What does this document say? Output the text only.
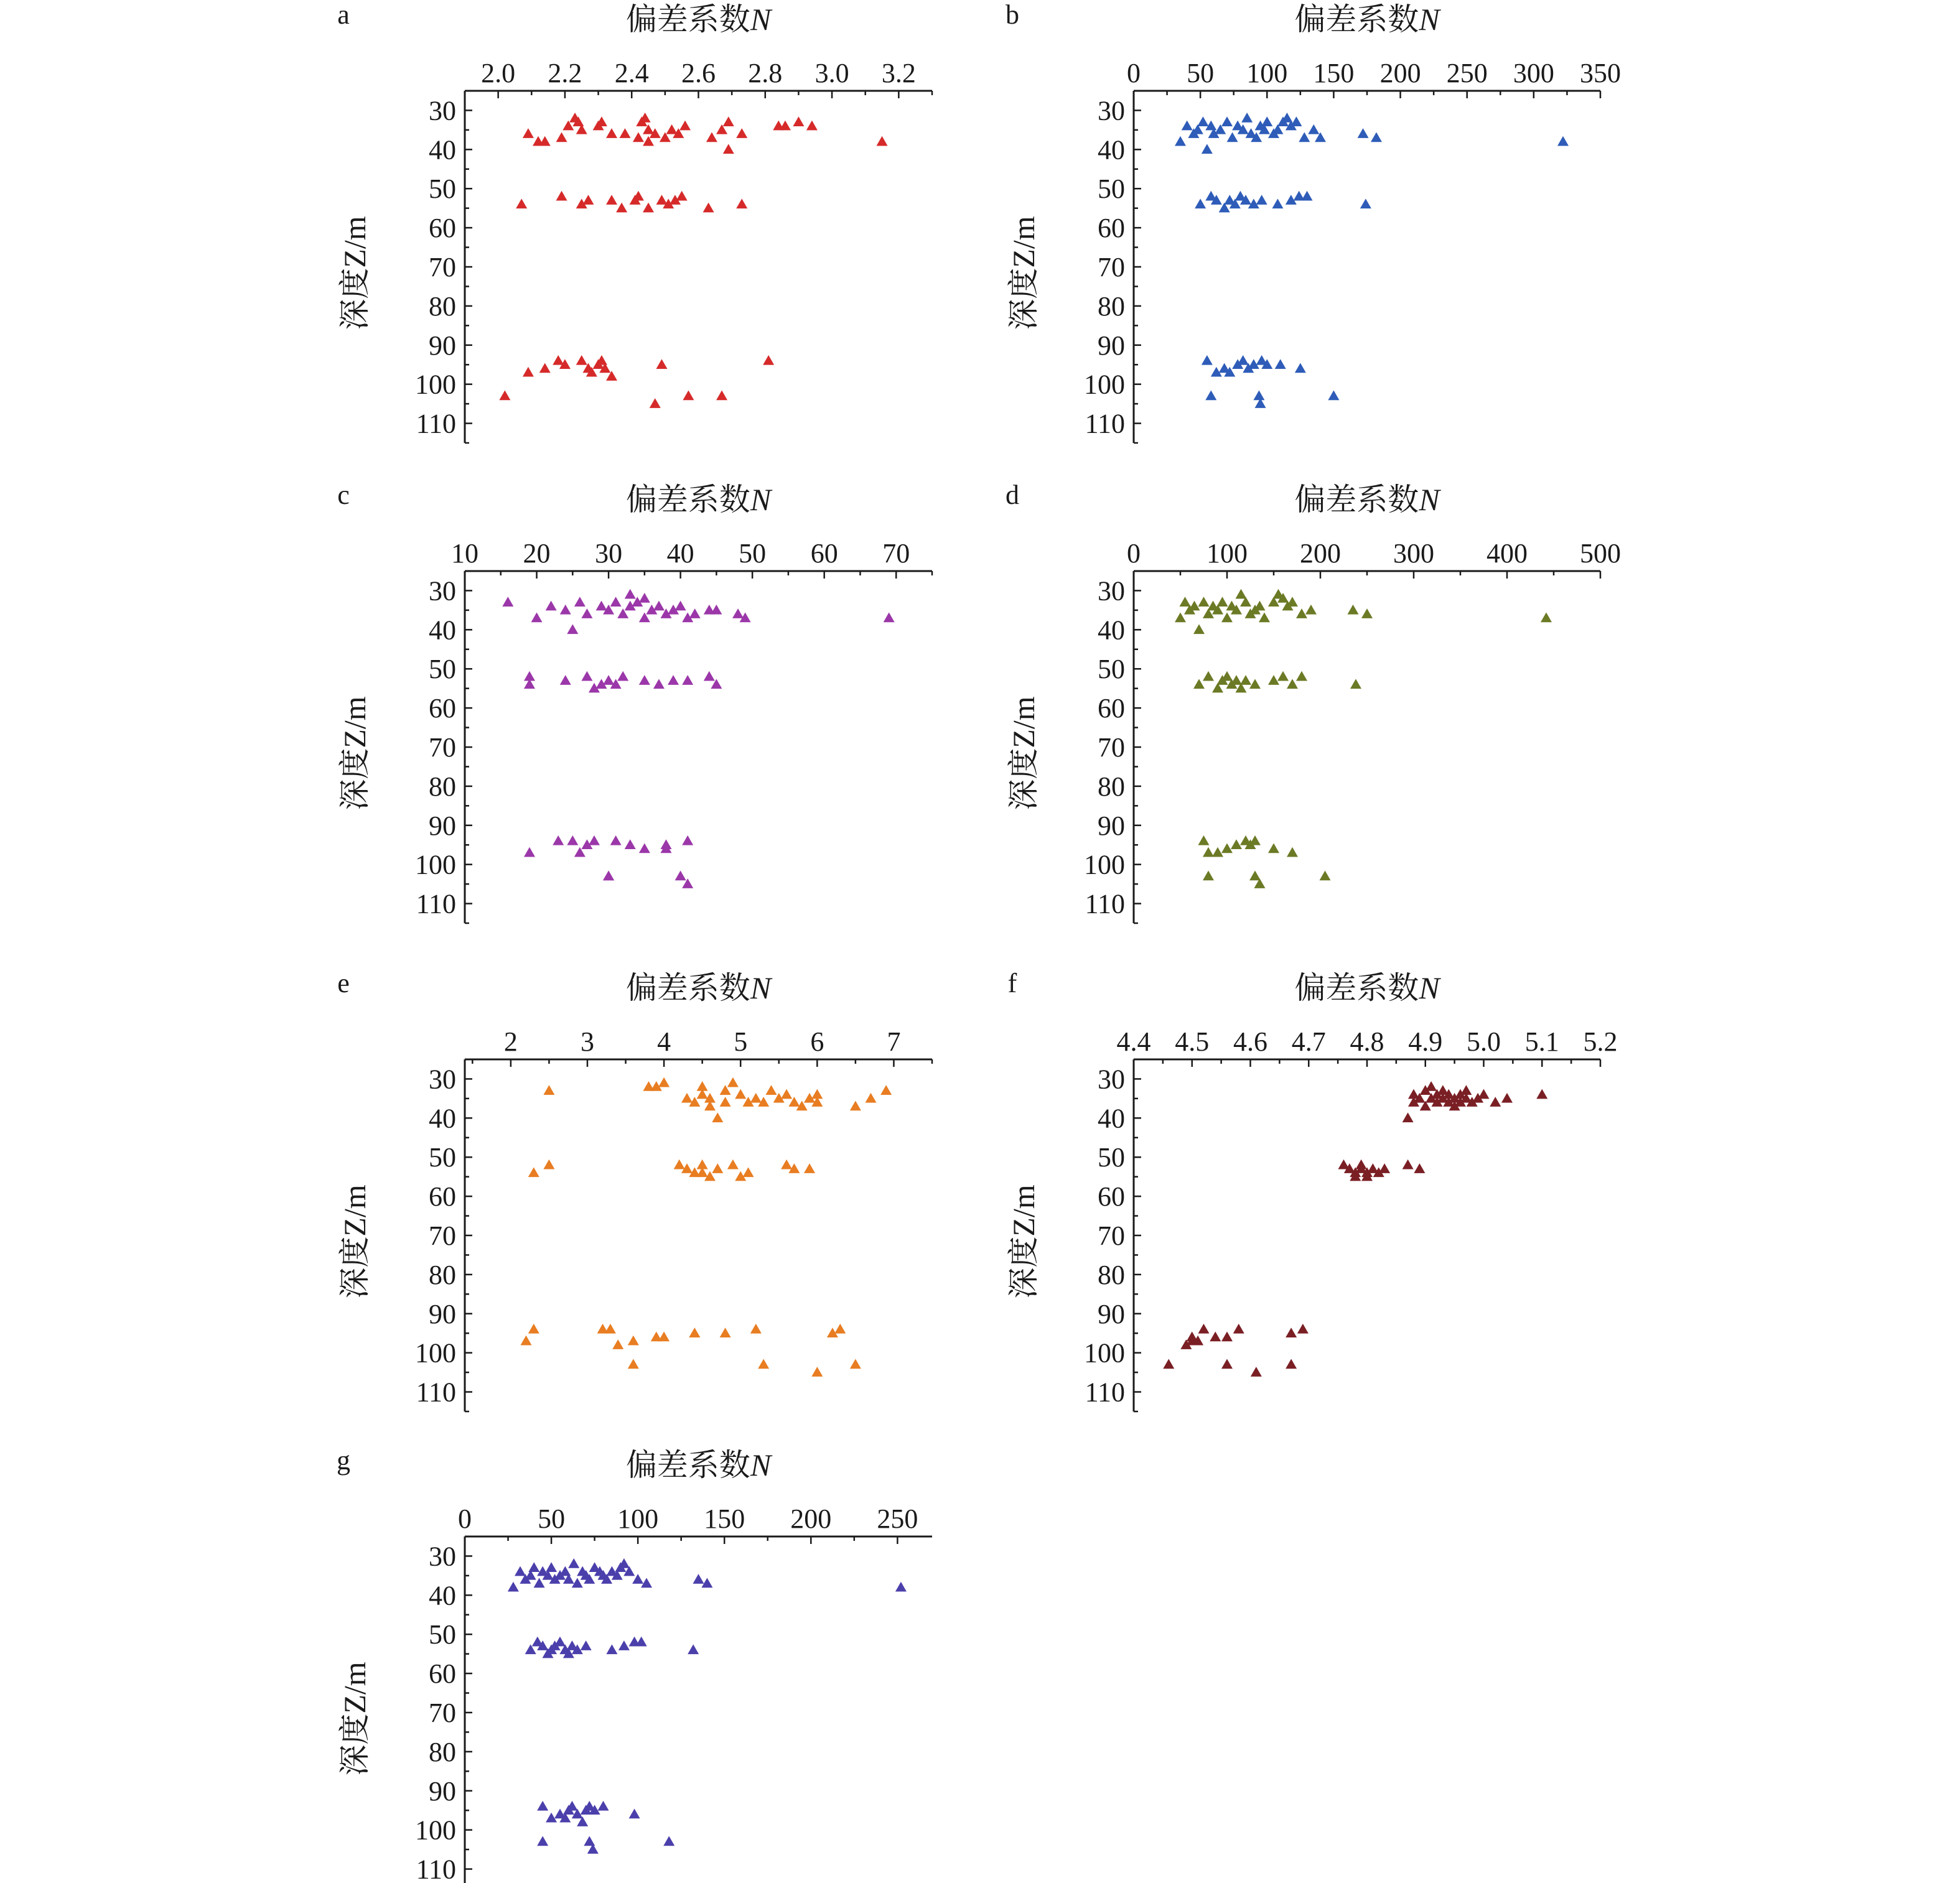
a	偏差系数N
深度Z/m
2.0 2.2 2.4 2.6 2.8 3.0 3.2
30
40
50
60
70
80
90
100
110
b	偏差系数N
深度Z/m
0 50 100 150 200 250 300 350
30
40
50
60
70
80
90
100
110
c	偏差系数N
深度Z/m
10 20 30 40 50 60 70
30
40
50
60
70
80
90
100
110
d	偏差系数N
深度Z/m
0 100 200 300 400 500
30
40
50
60
70
80
90
100
110
e	偏差系数N
深度Z/m
2 3 4 5 6 7
30
40
50
60
70
80
90
100
110
f	偏差系数N
深度Z/m
4.4 4.5 4.6 4.7 4.8 4.9 5.0 5.1 5.2
30
40
50
60
70
80
90
100
110
g	偏差系数N
深度Z/m
0 50 100 150 200 250
30
40
50
60
70
80
90
100
110
